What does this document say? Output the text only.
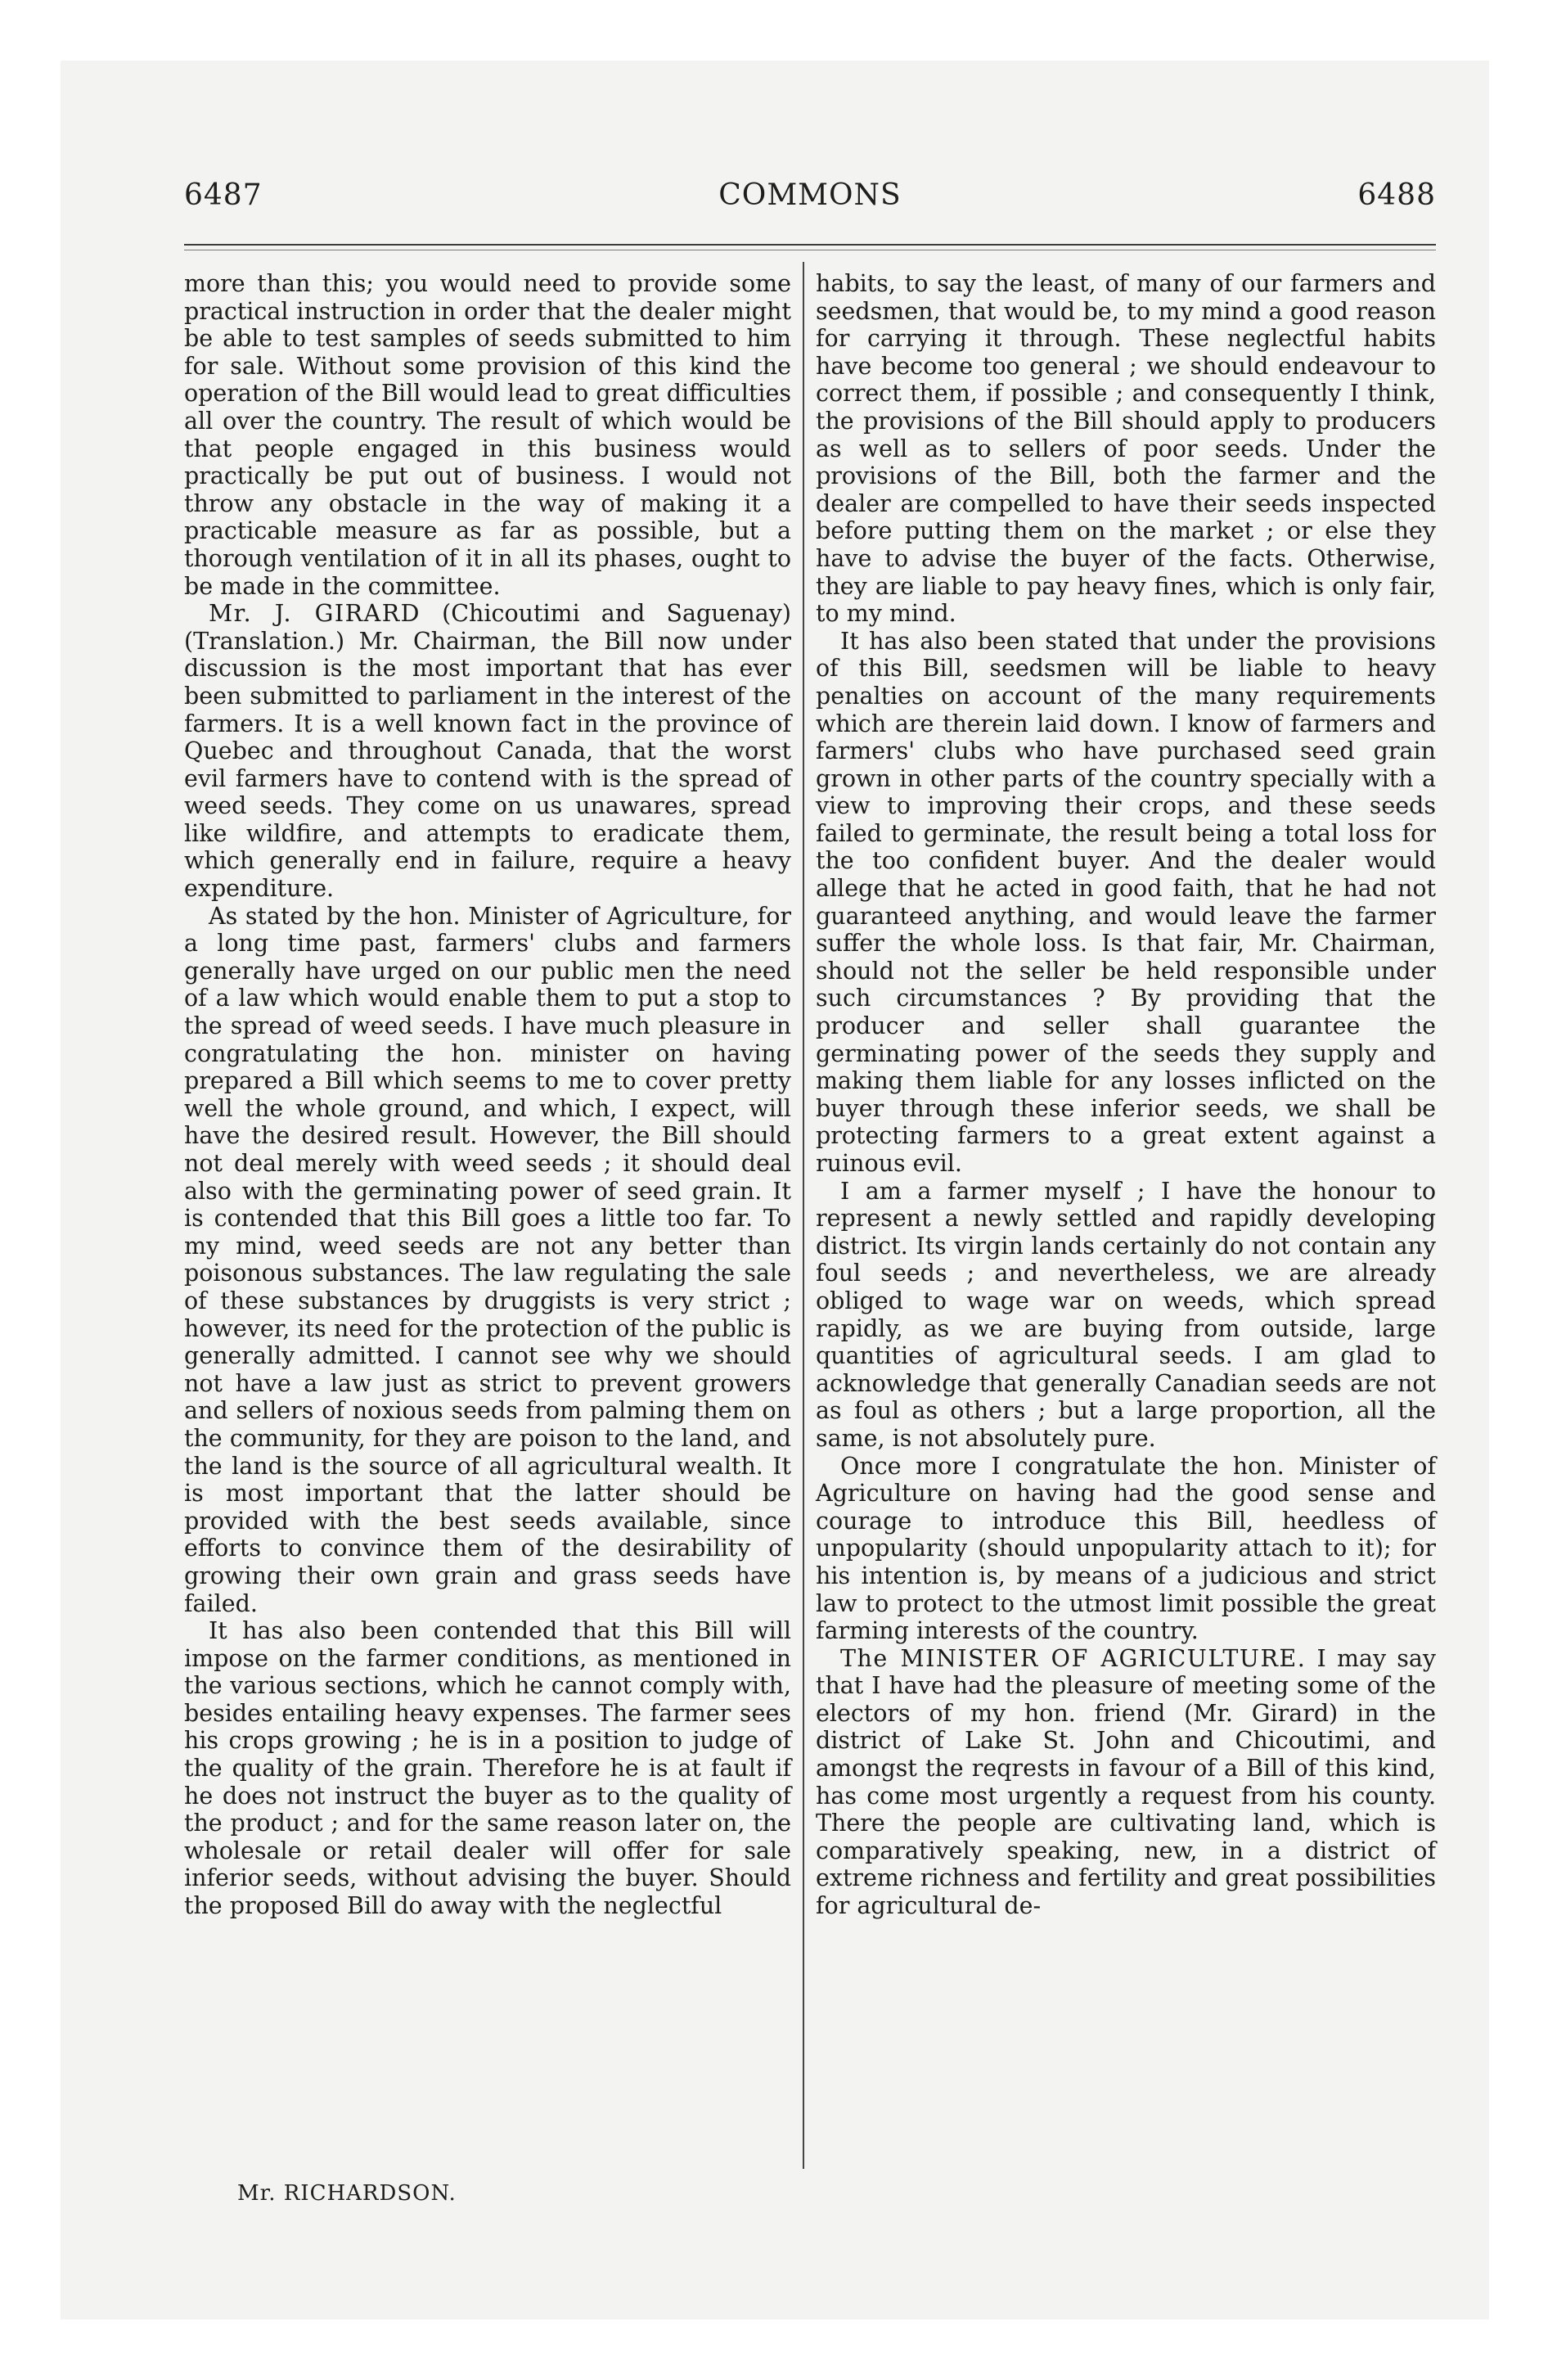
6487	COMMONS	6488

more than this; you would need to provide some practical instruction in order that the dealer might be able to test samples of seeds submitted to him for sale. Without some provision of this kind the operation of the Bill would lead to great difficulties all over the country. The result of which would be that people engaged in this business would practically be put out of business. I would not throw any obstacle in the way of making it a practicable measure as far as possible, but a thorough ventilation of it in all its phases, ought to be made in the committee.

Mr. J. GIRARD (Chicoutimi and Saguenay) (Translation.) Mr. Chairman, the Bill now under discussion is the most important that has ever been submitted to parliament in the interest of the farmers. It is a well known fact in the province of Quebec and throughout Canada, that the worst evil farmers have to contend with is the spread of weed seeds. They come on us unawares, spread like wildfire, and attempts to eradicate them, which generally end in failure, require a heavy expenditure.

As stated by the hon. Minister of Agriculture, for a long time past, farmers' clubs and farmers generally have urged on our public men the need of a law which would enable them to put a stop to the spread of weed seeds. I have much pleasure in congratulating the hon. minister on having prepared a Bill which seems to me to cover pretty well the whole ground, and which, I expect, will have the desired result. However, the Bill should not deal merely with weed seeds ; it should deal also with the germinating power of seed grain. It is contended that this Bill goes a little too far. To my mind, weed seeds are not any better than poisonous substances. The law regulating the sale of these substances by druggists is very strict ; however, its need for the protection of the public is generally admitted. I cannot see why we should not have a law just as strict to prevent growers and sellers of noxious seeds from palming them on the community, for they are poison to the land, and the land is the source of all agricultural wealth. It is most important that the latter should be provided with the best seeds available, since efforts to convince them of the desirability of growing their own grain and grass seeds have failed.

It has also been contended that this Bill will impose on the farmer conditions, as mentioned in the various sections, which he cannot comply with, besides entailing heavy expenses. The farmer sees his crops growing ; he is in a position to judge of the quality of the grain. Therefore he is at fault if he does not instruct the buyer as to the quality of the product ; and for the same reason later on, the wholesale or retail dealer will offer for sale inferior seeds, without advising the buyer. Should the proposed Bill do away with the neglectful

habits, to say the least, of many of our farmers and seedsmen, that would be, to my mind a good reason for carrying it through. These neglectful habits have become too general ; we should endeavour to correct them, if possible ; and consequently I think, the provisions of the Bill should apply to producers as well as to sellers of poor seeds. Under the provisions of the Bill, both the farmer and the dealer are compelled to have their seeds inspected before putting them on the market ; or else they have to advise the buyer of the facts. Otherwise, they are liable to pay heavy fines, which is only fair, to my mind.

It has also been stated that under the provisions of this Bill, seedsmen will be liable to heavy penalties on account of the many requirements which are therein laid down. I know of farmers and farmers' clubs who have purchased seed grain grown in other parts of the country specially with a view to improving their crops, and these seeds failed to germinate, the result being a total loss for the too confident buyer. And the dealer would allege that he acted in good faith, that he had not guaranteed anything, and would leave the farmer suffer the whole loss. Is that fair, Mr. Chairman, should not the seller be held responsible under such circumstances ? By providing that the producer and seller shall guarantee the germinating power of the seeds they supply and making them liable for any losses inflicted on the buyer through these inferior seeds, we shall be protecting farmers to a great extent against a ruinous evil.

I am a farmer myself ; I have the honour to represent a newly settled and rapidly developing district. Its virgin lands certainly do not contain any foul seeds ; and nevertheless, we are already obliged to wage war on weeds, which spread rapidly, as we are buying from outside, large quantities of agricultural seeds. I am glad to acknowledge that generally Canadian seeds are not as foul as others ; but a large proportion, all the same, is not absolutely pure.

Once more I congratulate the hon. Minister of Agriculture on having had the good sense and courage to introduce this Bill, heedless of unpopularity (should unpopularity attach to it); for his intention is, by means of a judicious and strict law to protect to the utmost limit possible the great farming interests of the country.

The MINISTER OF AGRICULTURE. I may say that I have had the pleasure of meeting some of the electors of my hon. friend (Mr. Girard) in the district of Lake St. John and Chicoutimi, and amongst the reqrests in favour of a Bill of this kind, has come most urgently a request from his county. There the people are cultivating land, which is comparatively speaking, new, in a district of extreme richness and fertility and great possibilities for agricultural de-

Mr. RICHARDSON.
